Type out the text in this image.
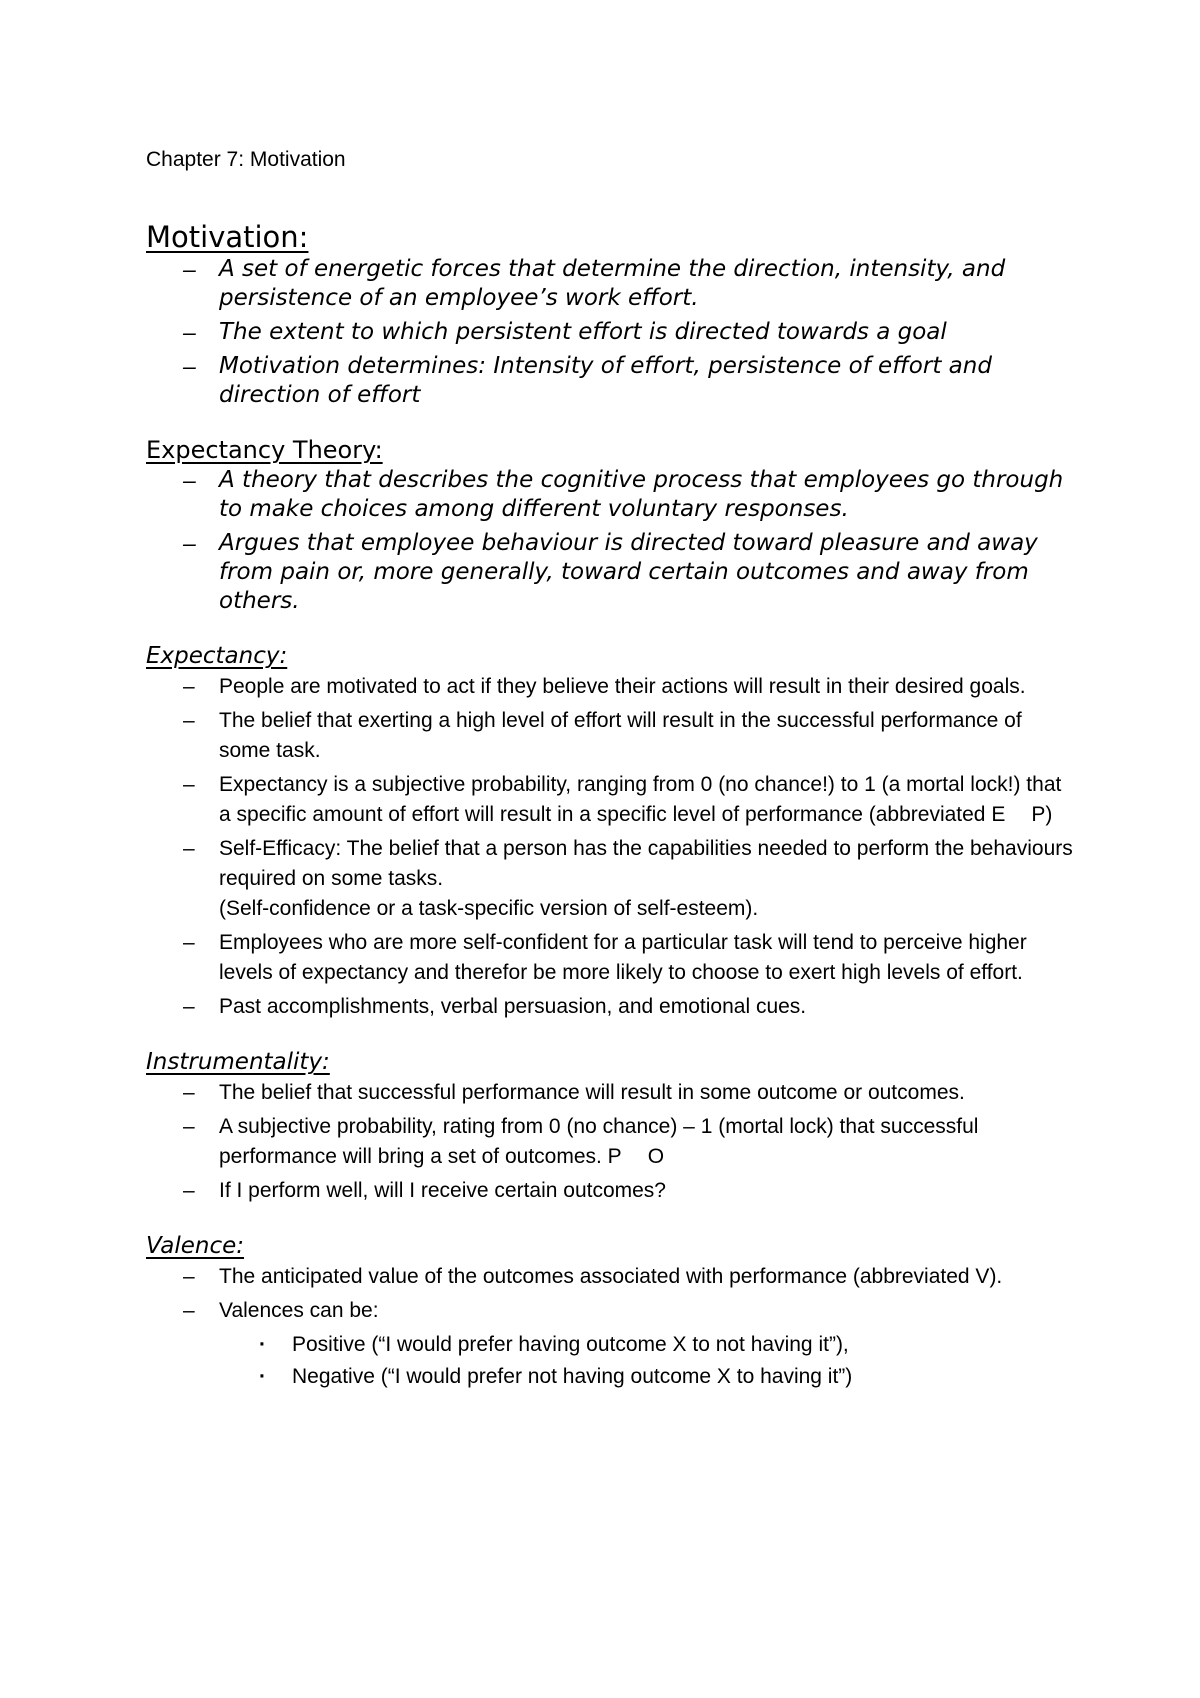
Chapter 7: Motivation
Motivation:
– A set of energetic forces that determine the direction, intensity, and persistence of an employee’s work effort.
– The extent to which persistent effort is directed towards a goal
– Motivation determines: Intensity of effort, persistence of effort and direction of effort
Expectancy Theory:
– A theory that describes the cognitive process that employees go through to make choices among different voluntary responses.
– Argues that employee behaviour is directed toward pleasure and away from pain or, more generally, toward certain outcomes and away from others.
Expectancy:
– People are motivated to act if they believe their actions will result in their desired goals.
– The belief that exerting a high level of effort will result in the successful performance of some task.
– Expectancy is a subjective probability, ranging from 0 (no chance!) to 1 (a mortal lock!) that a specific amount of effort will result in a specific level of performance (abbreviated E P)
– Self-Efficacy: The belief that a person has the capabilities needed to perform the behaviours required on some tasks.
(Self-confidence or a task-specific version of self-esteem).
– Employees who are more self-confident for a particular task will tend to perceive higher levels of expectancy and therefor be more likely to choose to exert high levels of effort.
– Past accomplishments, verbal persuasion, and emotional cues.
Instrumentality:
– The belief that successful performance will result in some outcome or outcomes.
– A subjective probability, rating from 0 (no chance) – 1 (mortal lock) that successful performance will bring a set of outcomes. P O
– If I perform well, will I receive certain outcomes?
Valence:
– The anticipated value of the outcomes associated with performance (abbreviated V).
– Valences can be:
· Positive (“I would prefer having outcome X to not having it”),
· Negative (“I would prefer not having outcome X to having it”)
